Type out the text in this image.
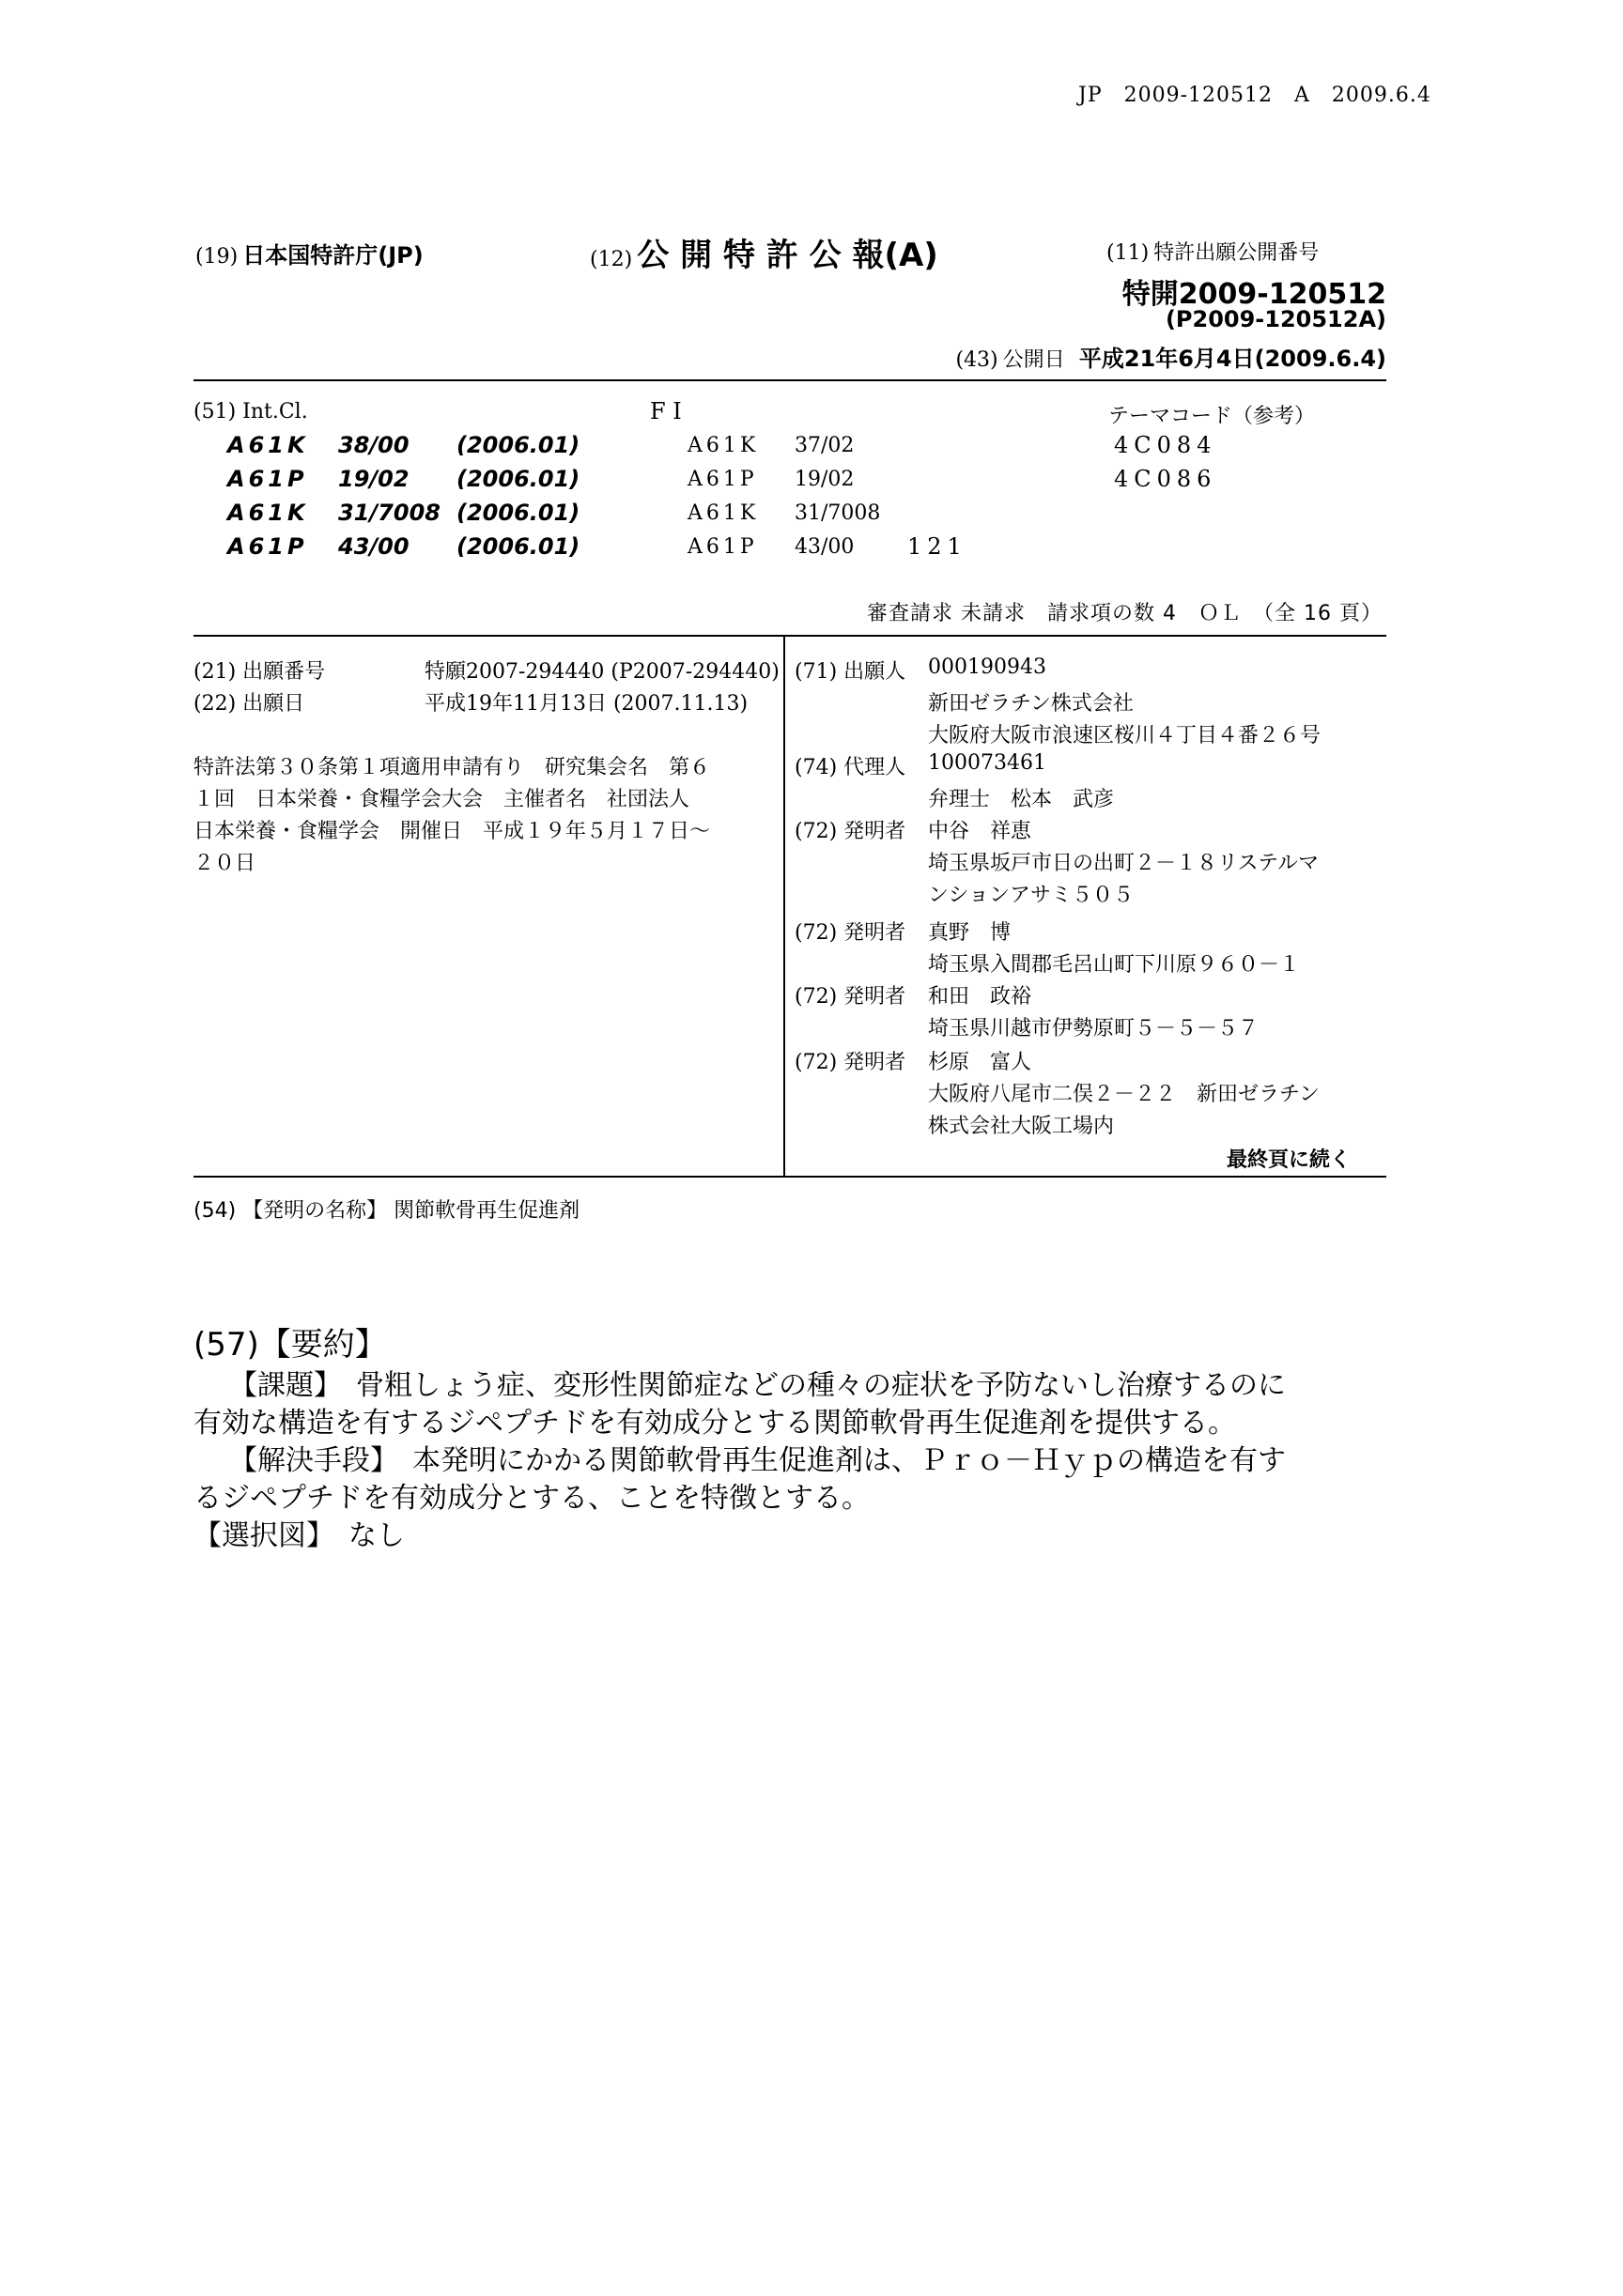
JP　2009-120512　A　2009.6.4
(19) 日本国特許庁(JP)	(12) 公 開 特 許 公 報(A)	(11) 特許出願公開番号
特開2009-120512
(P2009-120512A)
(43) 公開日 平成21年6月4日(2009.6.4)
(51) Int.Cl.	F I	テーマコード（参考）
A61K 38/00 (2006.01)	A61K 37/02	4C084
A61P 19/02 (2006.01)	A61P 19/02	4C086
A61K 31/7008 (2006.01)	A61K 31/7008
A61P 43/00 (2006.01)	A61P 43/00 121
審査請求 未請求　請求項の数 4　ＯＬ　（全 16 頁）
(21) 出願番号	特願2007-294440 (P2007-294440)
(22) 出願日	平成19年11月13日 (2007.11.13)
特許法第３０条第１項適用申請有り　研究集会名　第６
１回　日本栄養・食糧学会大会　主催者名　社団法人
日本栄養・食糧学会　開催日　平成１９年５月１７日～
２０日
(71) 出願人 000190943
新田ゼラチン株式会社
大阪府大阪市浪速区桜川４丁目４番２６号
(74) 代理人 100073461
弁理士　松本　武彦
(72) 発明者 中谷　祥恵
埼玉県坂戸市日の出町２－１８リステルマ
ンションアサミ５０５
(72) 発明者 真野　博
埼玉県入間郡毛呂山町下川原９６０－１
(72) 発明者 和田　政裕
埼玉県川越市伊勢原町５－５－５７
(72) 発明者 杉原　富人
大阪府八尾市二俣２－２２　新田ゼラチン
株式会社大阪工場内
最終頁に続く
(54) 【発明の名称】 関節軟骨再生促進剤
(57)【要約】
【課題】　骨粗しょう症、変形性関節症などの種々の症状を予防ないし治療するのに
有効な構造を有するジペプチドを有効成分とする関節軟骨再生促進剤を提供する。
【解決手段】　本発明にかかる関節軟骨再生促進剤は、Ｐｒｏ－Ｈｙｐの構造を有す
るジペプチドを有効成分とする、ことを特徴とする。
【選択図】　なし
